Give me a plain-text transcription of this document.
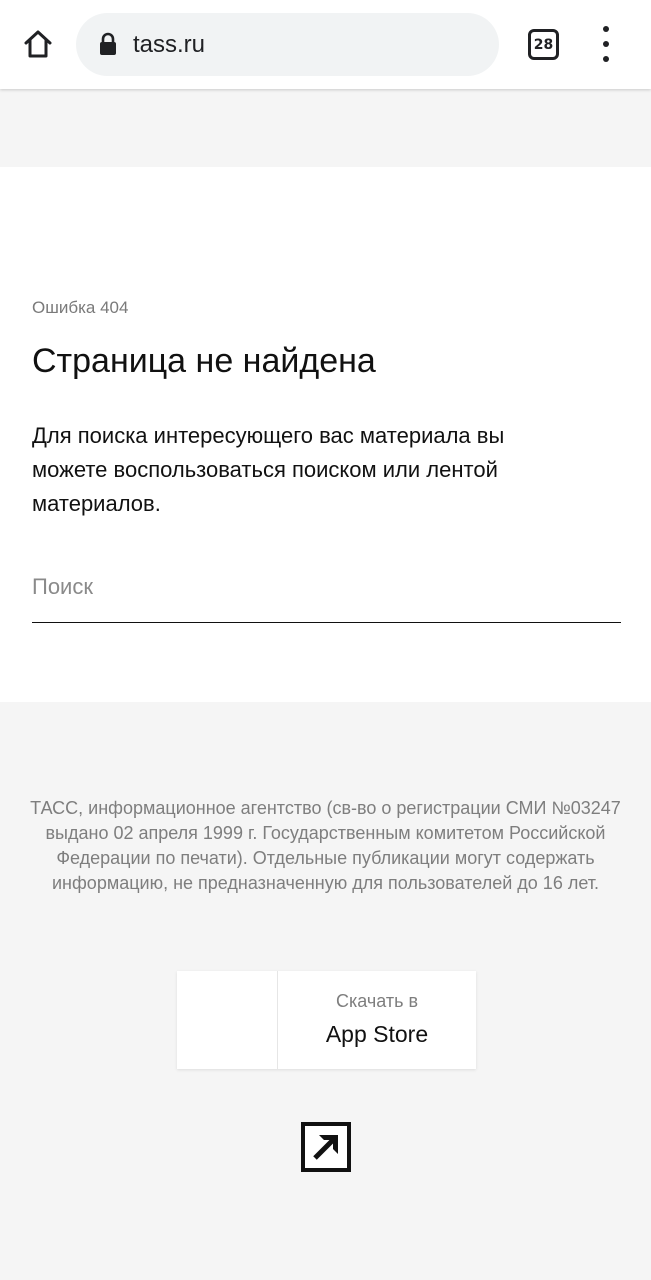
tass.ru	28
Ошибка 404
Страница не найдена

Для поиска интересующего вас материала вы можете воспользоваться поиском или лентой материалов.

Поиск

ТАСС, информационное агентство (св-во о регистрации СМИ №03247 выдано 02 апреля 1999 г. Государственным комитетом Российской Федерации по печати). Отдельные публикации могут содержать информацию, не предназначенную для пользователей до 16 лет.

Скачать в
App Store
